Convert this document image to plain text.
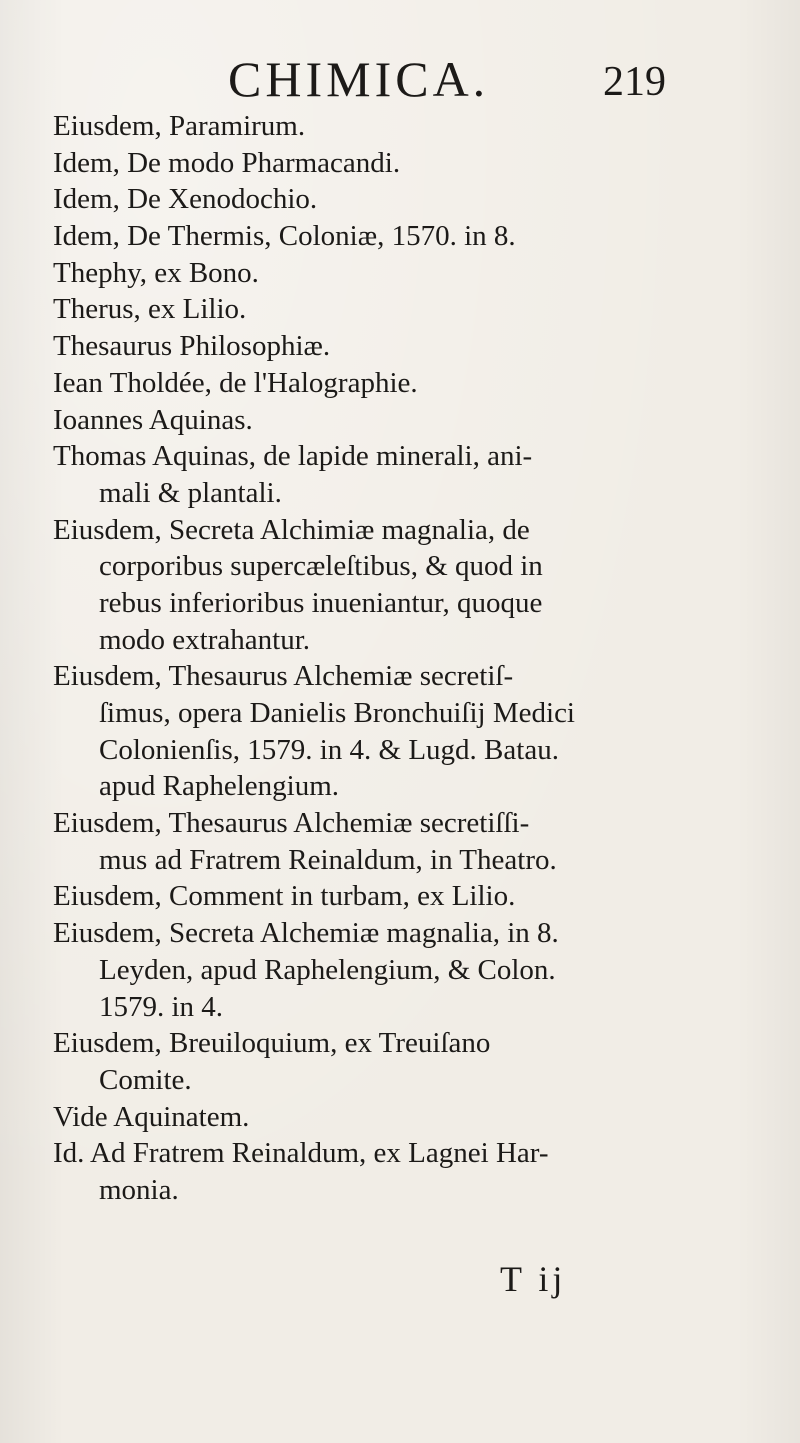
CHIMICA.	219
Eiusdem, Paramirum.
Idem, De modo Pharmacandi.
Idem, De Xenodochio.
Idem, De Thermis, Coloniæ, 1570. in 8.
Thephy, ex Bono.
Therus, ex Lilio.
Thesaurus Philosophiæ.
Iean Tholdée, de l'Halographie.
Ioannes Aquinas.
Thomas Aquinas, de lapide minerali, ani-
mali & plantali.
Eiusdem, Secreta Alchimiæ magnalia, de
corporibus supercæleſtibus, & quod in
rebus inferioribus inueniantur, quoque
modo extrahantur.
Eiusdem, Thesaurus Alchemiæ secretiſ-
ſimus, opera Danielis Bronchuiſij Medici
Colonienſis, 1579. in 4. & Lugd. Batau.
apud Raphelengium.
Eiusdem, Thesaurus Alchemiæ secretiſſi-
mus ad Fratrem Reinaldum, in Theatro.
Eiusdem, Comment in turbam, ex Lilio.
Eiusdem, Secreta Alchemiæ magnalia, in 8.
Leyden, apud Raphelengium, & Colon.
1579. in 4.
Eiusdem, Breuiloquium, ex Treuiſano
Comite.
Vide Aquinatem.
Id. Ad Fratrem Reinaldum, ex Lagnei Har-
monia.
T ij
